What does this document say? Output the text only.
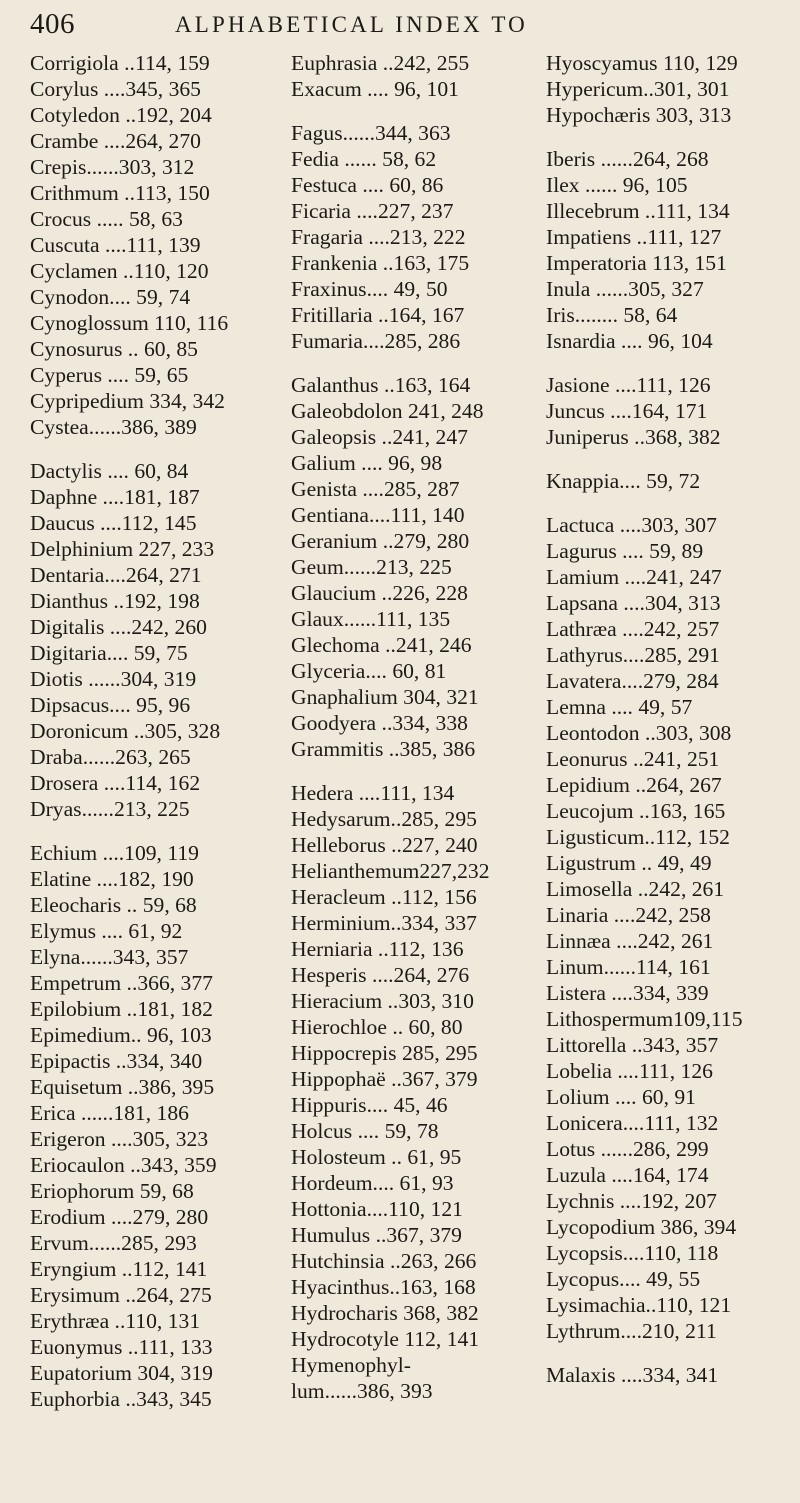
406	ALPHABETICAL INDEX TO
Corrigiola ..114, 159
Corylus ....345, 365
Cotyledon ..192, 204
Crambe ....264, 270
Crepis......303, 312
Crithmum ..113, 150
Crocus ..... 58, 63
Cuscuta ....111, 139
Cyclamen ..110, 120
Cynodon.... 59, 74
Cynoglossum 110, 116
Cynosurus .. 60, 85
Cyperus .... 59, 65
Cypripedium 334, 342
Cystea......386, 389
Dactylis .... 60, 84
Daphne ....181, 187
Daucus ....112, 145
Delphinium 227, 233
Dentaria....264, 271
Dianthus ..192, 198
Digitalis ....242, 260
Digitaria.... 59, 75
Diotis ......304, 319
Dipsacus.... 95, 96
Doronicum ..305, 328
Draba......263, 265
Drosera ....114, 162
Dryas......213, 225
Echium ....109, 119
Elatine ....182, 190
Eleocharis .. 59, 68
Elymus .... 61, 92
Elyna......343, 357
Empetrum ..366, 377
Epilobium ..181, 182
Epimedium.. 96, 103
Epipactis ..334, 340
Equisetum ..386, 395
Erica ......181, 186
Erigeron ....305, 323
Eriocaulon ..343, 359
Eriophorum 59, 68
Erodium ....279, 280
Ervum......285, 293
Eryngium ..112, 141
Erysimum ..264, 275
Erythræa ..110, 131
Euonymus ..111, 133
Eupatorium 304, 319
Euphorbia ..343, 345
Euphrasia ..242, 255
Exacum .... 96, 101
Fagus......344, 363
Fedia ...... 58, 62
Festuca .... 60, 86
Ficaria ....227, 237
Fragaria ....213, 222
Frankenia ..163, 175
Fraxinus.... 49, 50
Fritillaria ..164, 167
Fumaria....285, 286
Galanthus ..163, 164
Galeobdolon 241, 248
Galeopsis ..241, 247
Galium .... 96, 98
Genista ....285, 287
Gentiana....111, 140
Geranium ..279, 280
Geum......213, 225
Glaucium ..226, 228
Glaux......111, 135
Glechoma ..241, 246
Glyceria.... 60, 81
Gnaphalium 304, 321
Goodyera ..334, 338
Grammitis ..385, 386
Hedera ....111, 134
Hedysarum..285, 295
Helleborus ..227, 240
Helianthemum227,232
Heracleum ..112, 156
Herminium..334, 337
Herniaria ..112, 136
Hesperis ....264, 276
Hieracium ..303, 310
Hierochloe .. 60, 80
Hippocrepis 285, 295
Hippophaë ..367, 379
Hippuris.... 45, 46
Holcus .... 59, 78
Holosteum .. 61, 95
Hordeum.... 61, 93
Hottonia....110, 121
Humulus ..367, 379
Hutchinsia ..263, 266
Hyacinthus..163, 168
Hydrocharis 368, 382
Hydrocotyle 112, 141
Hymenophyl-
lum......386, 393
Hyoscyamus 110, 129
Hypericum..301, 301
Hypochæris 303, 313
Iberis ......264, 268
Ilex ...... 96, 105
Illecebrum ..111, 134
Impatiens ..111, 127
Imperatoria 113, 151
Inula ......305, 327
Iris........ 58, 64
Isnardia .... 96, 104
Jasione ....111, 126
Juncus ....164, 171
Juniperus ..368, 382
Knappia.... 59, 72
Lactuca ....303, 307
Lagurus .... 59, 89
Lamium ....241, 247
Lapsana ....304, 313
Lathræa ....242, 257
Lathyrus....285, 291
Lavatera....279, 284
Lemna .... 49, 57
Leontodon ..303, 308
Leonurus ..241, 251
Lepidium ..264, 267
Leucojum ..163, 165
Ligusticum..112, 152
Ligustrum .. 49, 49
Limosella ..242, 261
Linaria ....242, 258
Linnæa ....242, 261
Linum......114, 161
Listera ....334, 339
Lithospermum109,115
Littorella ..343, 357
Lobelia ....111, 126
Lolium .... 60, 91
Lonicera....111, 132
Lotus ......286, 299
Luzula ....164, 174
Lychnis ....192, 207
Lycopodium 386, 394
Lycopsis....110, 118
Lycopus.... 49, 55
Lysimachia..110, 121
Lythrum....210, 211
Malaxis ....334, 341
